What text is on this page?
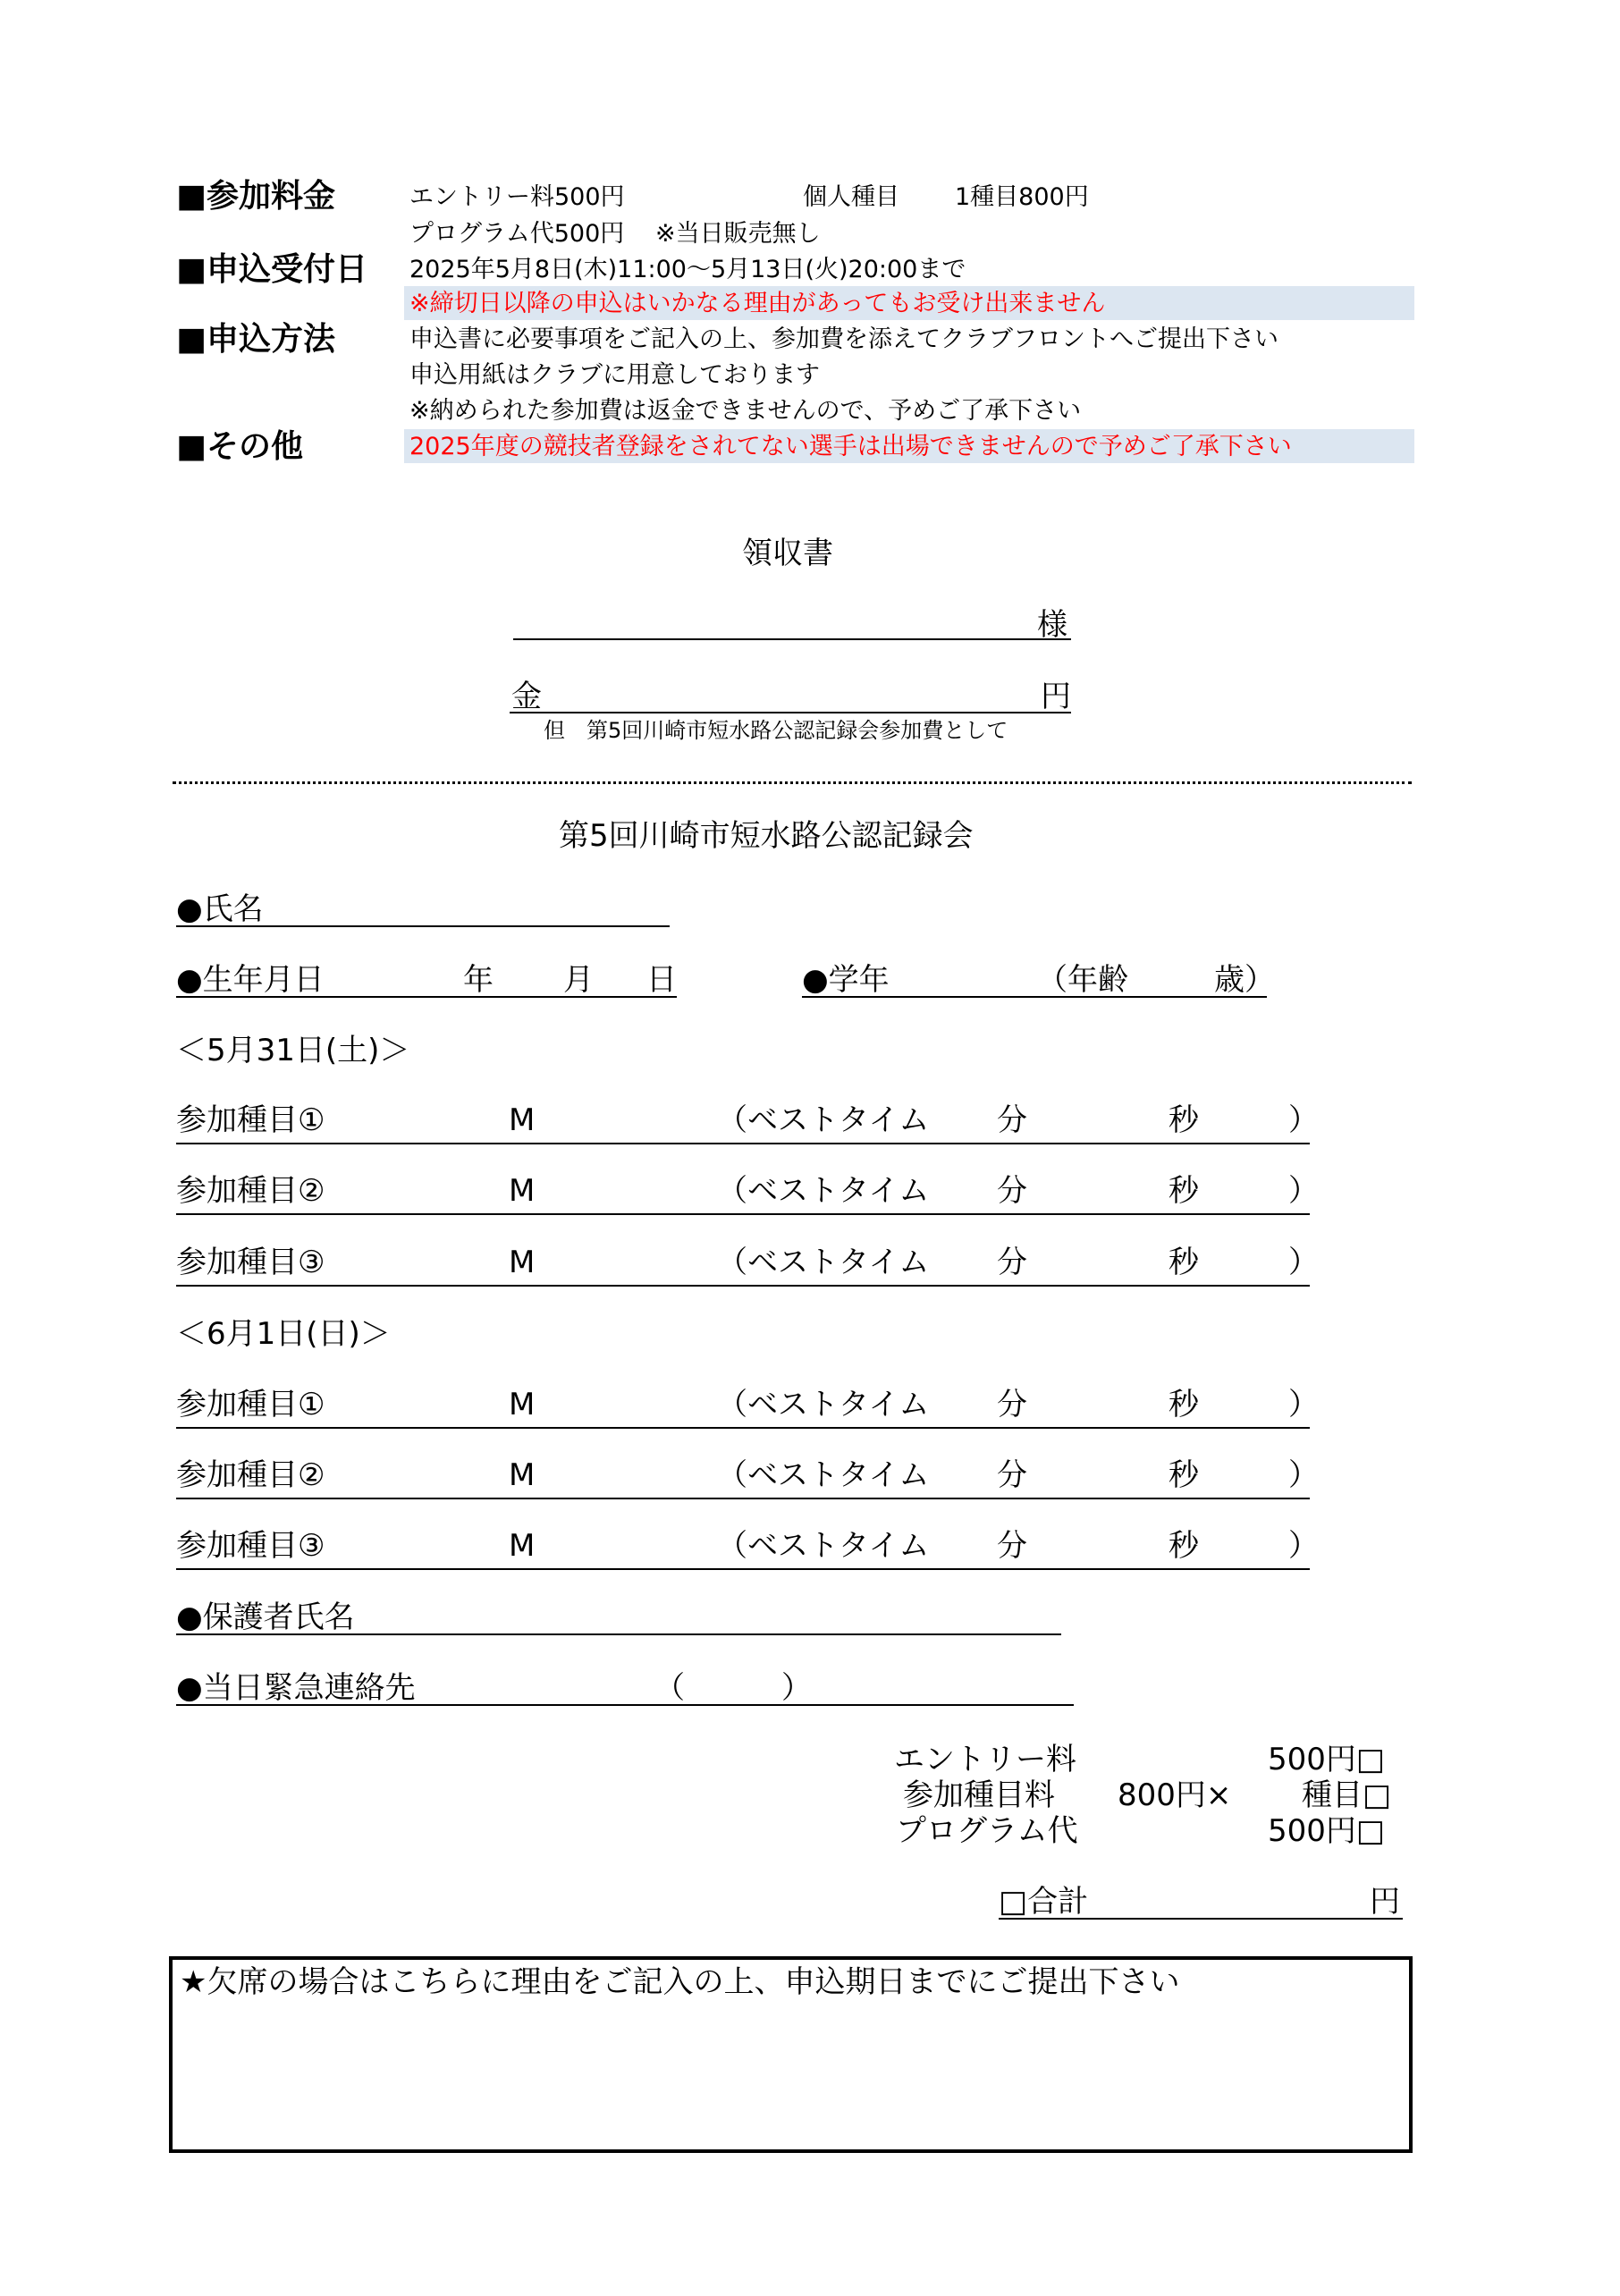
■参加料金	エントリー料500円	個人種目 1種目800円
プログラム代500円 ※当日販売無し
■申込受付日 2025年5月8日(木)11:00～5月13日(火)20:00まで
※締切日以降の申込はいかなる理由があってもお受け出来ません
■申込方法	申込書に必要事項をご記入の上、参加費を添えてクラブフロントへご提出下さい
申込用紙はクラブに用意しております
※納められた参加費は返金できませんので、予めご了承下さい
■その他	2025年度の競技者登録をされてない選手は出場できませんので予めご了承下さい
領収書
様
金	円
但　第5回川崎市短水路公認記録会参加費として
第5回川崎市短水路公認記録会
●氏名
●生年月日	年 月 日	●学年	（年齢	歳）
＜5月31日(土)＞
参加種目①	M	（ベストタイム 分	秒	）
参加種目②	M	（ベストタイム 分	秒	）
参加種目③	M	（ベストタイム 分	秒	）
＜6月1日(日)＞
参加種目①	M	（ベストタイム 分	秒	）
参加種目②	M	（ベストタイム 分	秒	）
参加種目③	M	（ベストタイム 分	秒	）
●保護者氏名
●当日緊急連絡先	（	）
エントリー料	500円□
参加種目料 800円× 種目□
プログラム代	500円□
□合計	円
★欠席の場合はこちらに理由をご記入の上、申込期日までにご提出下さい
